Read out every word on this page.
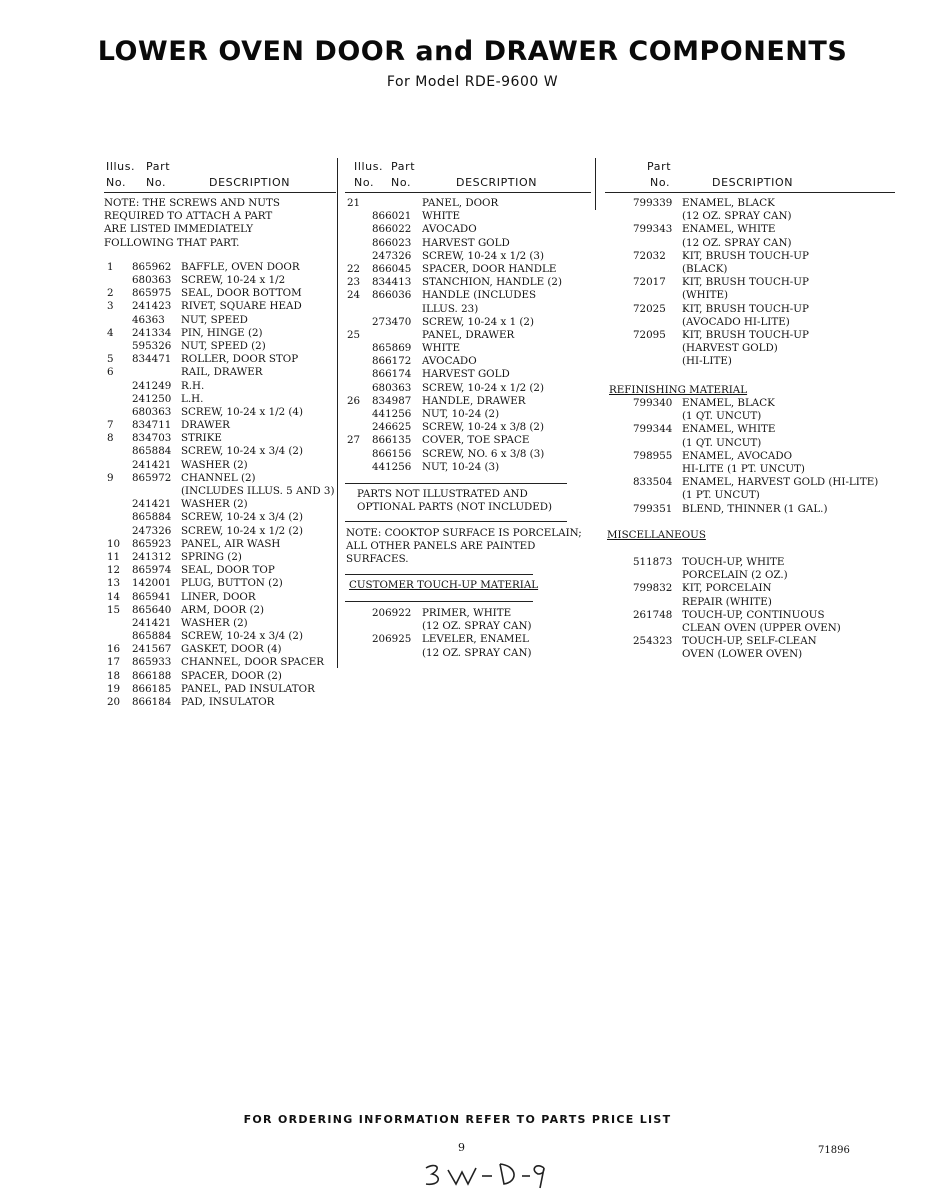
LOWER OVEN DOOR and DRAWER COMPONENTS
For Model RDE-9600 W
Illus. Part
No. No.	DESCRIPTION
NOTE: THE SCREWS AND NUTS
REQUIRED TO ATTACH A PART
ARE LISTED IMMEDIATELY
FOLLOWING THAT PART.
1 865962 BAFFLE, OVEN DOOR
680363 SCREW, 10-24 x 1/2
2 865975 SEAL, DOOR BOTTOM
3 241423 RIVET, SQUARE HEAD
46363 NUT, SPEED
4 241334 PIN, HINGE (2)
595326 NUT, SPEED (2)
5 834471 ROLLER, DOOR STOP
6	RAIL, DRAWER
241249 R.H.
241250 L.H.
680363 SCREW, 10-24 x 1/2 (4)
7 834711 DRAWER
8 834703 STRIKE
865884 SCREW, 10-24 x 3/4 (2)
241421 WASHER (2)
9 865972 CHANNEL (2)
(INCLUDES ILLUS. 5 AND 3)
241421 WASHER (2)
865884 SCREW, 10-24 x 3/4 (2)
247326 SCREW, 10-24 x 1/2 (2)
10 865923 PANEL, AIR WASH
11 241312 SPRING (2)
12 865974 SEAL, DOOR TOP
13 142001 PLUG, BUTTON (2)
14 865941 LINER, DOOR
15 865640 ARM, DOOR (2)
241421 WASHER (2)
865884 SCREW, 10-24 x 3/4 (2)
16 241567 GASKET, DOOR (4)
17 865933 CHANNEL, DOOR SPACER
18 866188 SPACER, DOOR (2)
19 866185 PANEL, PAD INSULATOR
20 866184 PAD, INSULATOR
Illus. Part
No. No.	DESCRIPTION
21	PANEL, DOOR
866021 WHITE
866022 AVOCADO
866023 HARVEST GOLD
247326 SCREW, 10-24 x 1/2 (3)
22 866045 SPACER, DOOR HANDLE
23 834413 STANCHION, HANDLE (2)
24 866036 HANDLE (INCLUDES
ILLUS. 23)
273470 SCREW, 10-24 x 1 (2)
25	PANEL, DRAWER
865869 WHITE
866172 AVOCADO
866174 HARVEST GOLD
680363 SCREW, 10-24 x 1/2 (2)
26 834987 HANDLE, DRAWER
441256 NUT, 10-24 (2)
246625 SCREW, 10-24 x 3/8 (2)
27 866135 COVER, TOE SPACE
866156 SCREW, NO. 6 x 3/8 (3)
441256 NUT, 10-24 (3)
PARTS NOT ILLUSTRATED AND
OPTIONAL PARTS (NOT INCLUDED)
NOTE: COOKTOP SURFACE IS PORCELAIN;
ALL OTHER PANELS ARE PAINTED
SURFACES.
CUSTOMER TOUCH-UP MATERIAL
206922 PRIMER, WHITE
(12 OZ. SPRAY CAN)
206925 LEVELER, ENAMEL
(12 OZ. SPRAY CAN)
Part
No.	DESCRIPTION
799339 ENAMEL, BLACK
(12 OZ. SPRAY CAN)
799343 ENAMEL, WHITE
(12 OZ. SPRAY CAN)
72032 KIT, BRUSH TOUCH-UP
(BLACK)
72017 KIT, BRUSH TOUCH-UP
(WHITE)
72025 KIT, BRUSH TOUCH-UP
(AVOCADO HI-LITE)
72095 KIT, BRUSH TOUCH-UP
(HARVEST GOLD)
(HI-LITE)
REFINISHING MATERIAL
799340 ENAMEL, BLACK
(1 QT. UNCUT)
799344 ENAMEL, WHITE
(1 QT. UNCUT)
798955 ENAMEL, AVOCADO
HI-LITE (1 PT. UNCUT)
833504 ENAMEL, HARVEST GOLD (HI-LITE)
(1 PT. UNCUT)
799351 BLEND, THINNER (1 GAL.)
MISCELLANEOUS
511873 TOUCH-UP, WHITE
PORCELAIN (2 OZ.)
799832 KIT, PORCELAIN
REPAIR (WHITE)
261748 TOUCH-UP, CONTINUOUS
CLEAN OVEN (UPPER OVEN)
254323 TOUCH-UP, SELF-CLEAN
OVEN (LOWER OVEN)
FOR ORDERING INFORMATION REFER TO PARTS PRICE LIST
9	71896
